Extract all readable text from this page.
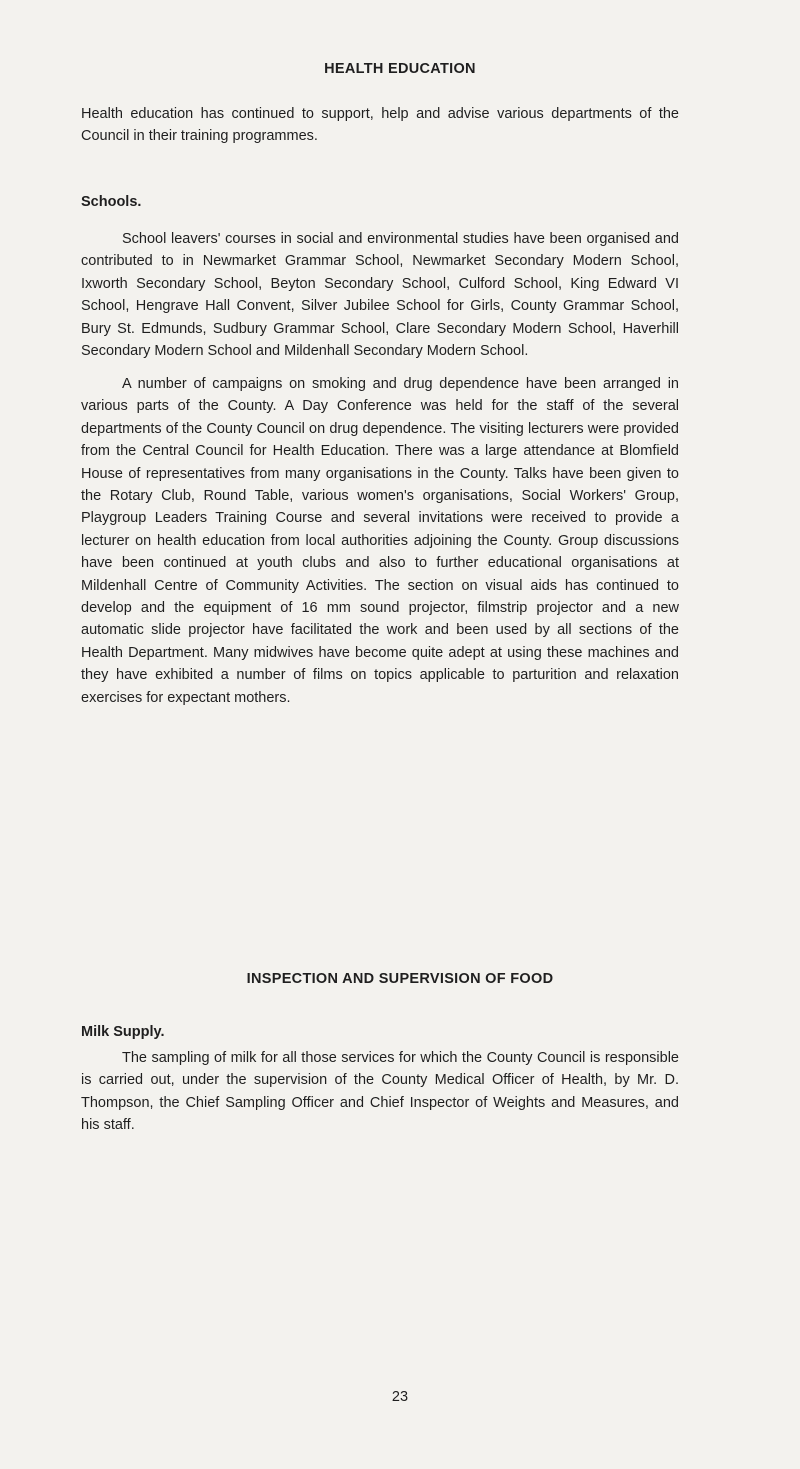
HEALTH EDUCATION

Health education has continued to support, help and advise various departments of the Council in their training programmes.

Schools.

School leavers' courses in social and environmental studies have been organised and contributed to in Newmarket Grammar School, Newmarket Secondary Modern School, Ixworth Secondary School, Beyton Secondary School, Culford School, King Edward VI School, Hengrave Hall Convent, Silver Jubilee School for Girls, County Grammar School, Bury St. Edmunds, Sudbury Grammar School, Clare Secondary Modern School, Haverhill Secondary Modern School and Mildenhall Secondary Modern School.

A number of campaigns on smoking and drug dependence have been arranged in various parts of the County. A Day Conference was held for the staff of the several departments of the County Council on drug dependence. The visiting lecturers were provided from the Central Council for Health Education. There was a large attendance at Blomfield House of representatives from many organisations in the County. Talks have been given to the Rotary Club, Round Table, various women's organisations, Social Workers' Group, Playgroup Leaders Training Course and several invitations were received to provide a lecturer on health education from local authorities adjoining the County. Group discussions have been continued at youth clubs and also to further educational organisations at Mildenhall Centre of Community Activities. The section on visual aids has continued to develop and the equipment of 16 mm sound projector, filmstrip projector and a new automatic slide projector have facilitated the work and been used by all sections of the Health Department. Many midwives have become quite adept at using these machines and they have exhibited a number of films on topics applicable to parturition and relaxation exercises for expectant mothers.

INSPECTION AND SUPERVISION OF FOOD
Milk Supply.

The sampling of milk for all those services for which the County Council is responsible is carried out, under the supervision of the County Medical Officer of Health, by Mr. D. Thompson, the Chief Sampling Officer and Chief Inspector of Weights and Measures, and his staff.

23
